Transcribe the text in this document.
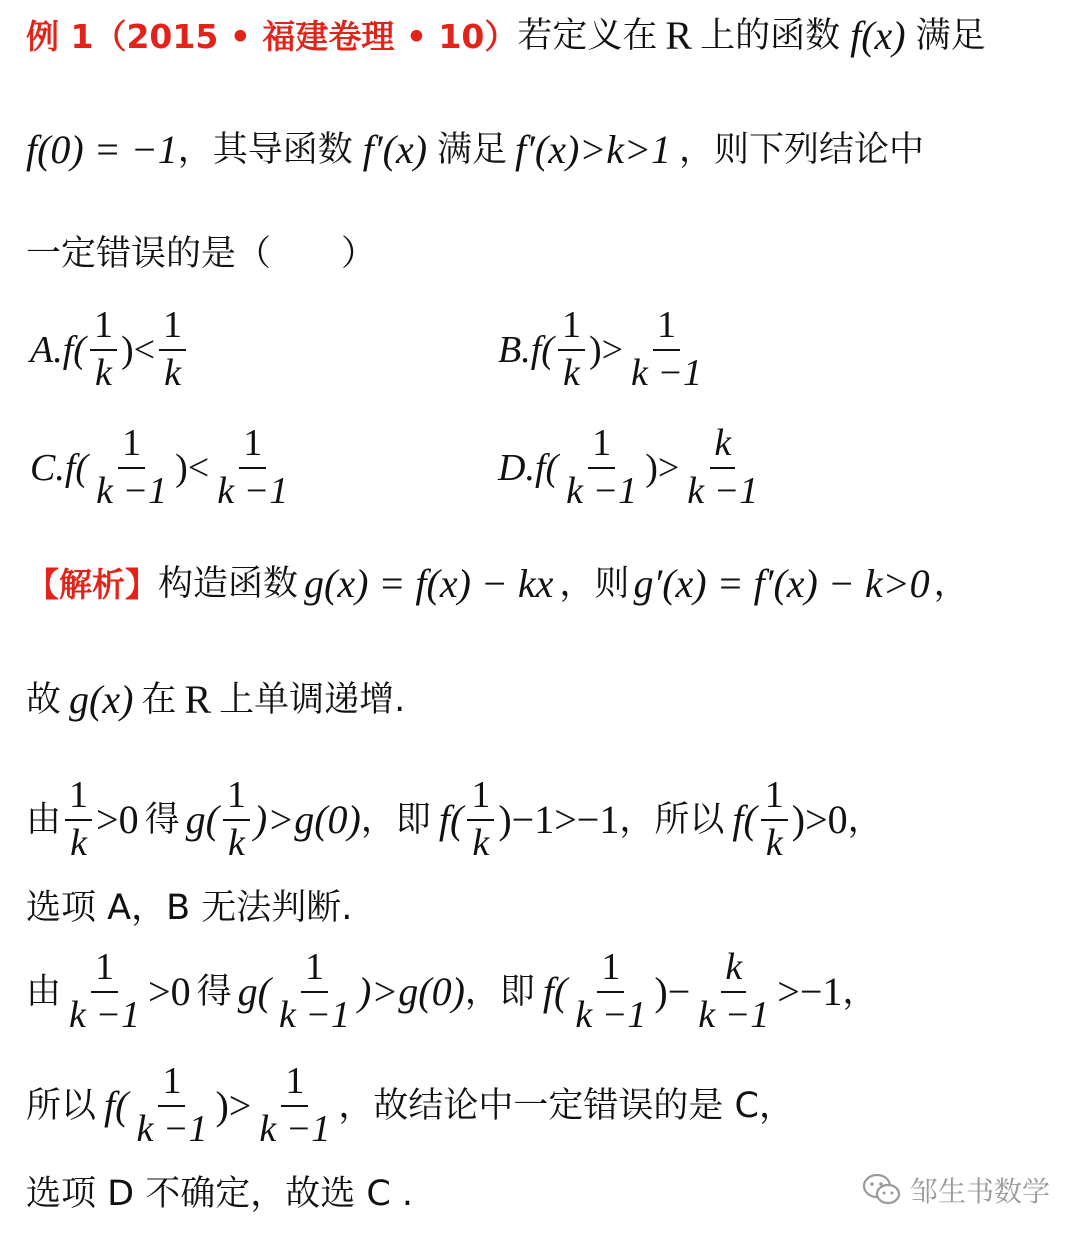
例 1（2015 • 福建卷理 • 10） 若定义在 R 上的函数 f(x) 满足
f(0) = −1 ，其导函数 f′(x) 满足 f′(x)>k>1 ，则下列结论中
一定错误的是（ ）
A. $f( \frac{1}{k}$ )< $\frac{1}{k}$	B. $f( \frac{1}{k}$ )> $\frac{1}{k -1}$
C. $f( \frac{1}{k -1}$ )< $\frac{1}{k -1}$	D. $f( \frac{1}{k -1}$ )> $\frac{k}{k -1}$
【解析】 构造函数 g(x) = f(x) − kx ，则 g′(x) = f′(x) − k>0 ，
故 g(x) 在 R 上单调递增.
由 $\frac{1}{k} >0$ 得 $g( \frac{1}{k} )>g(0)$ ，即 $f( \frac{1}{k} )-1>-1$ ，所以 $f( \frac{1}{k} )>0$ ，
选项 A，B 无法判断.
由 $\frac{1}{k -1} >0$ 得 $g( \frac{1}{k -1} )>g(0)$ ，即 $f( \frac{1}{k -1}$ )− $\frac{k}{k -1} >-1$ ，
所以 $f( \frac{1}{k -1}$ )> $\frac{1}{k -1}$ ，故结论中一定错误的是 C，
选项 D 不确定，故选 C .	邹生书数学
